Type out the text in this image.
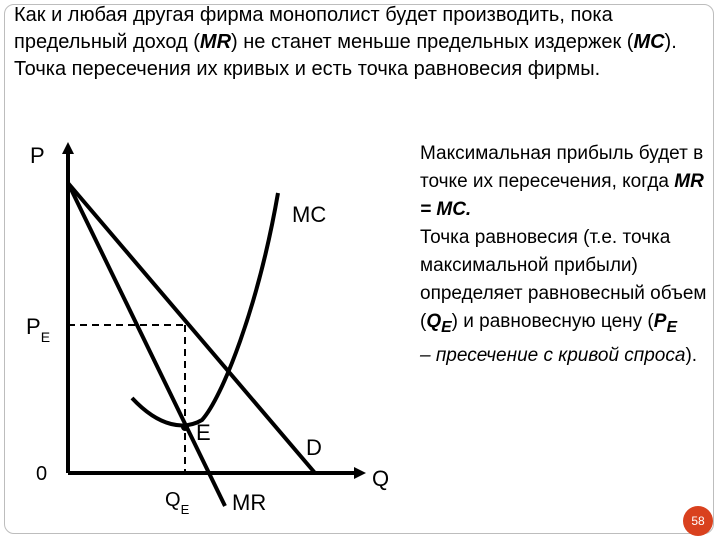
Как и любая другая фирма монополист будет производить, пока предельный доход (MR) не станет меньше предельных издержек (MC). Точка пересечения их кривых и есть точка равновесия фирмы.

Максимальная прибыль будет в точке их пересечения, когда MR = MC.
Точка равновесия (т.е. точка максимальной прибыли) определяет равновесный объем $(Q_E)$ и равновесную цену ($P_E$
– пресечение с кривой спроса).

P
Q
0
$P_E$
$Q_E$
MC
MR
D
E
58
